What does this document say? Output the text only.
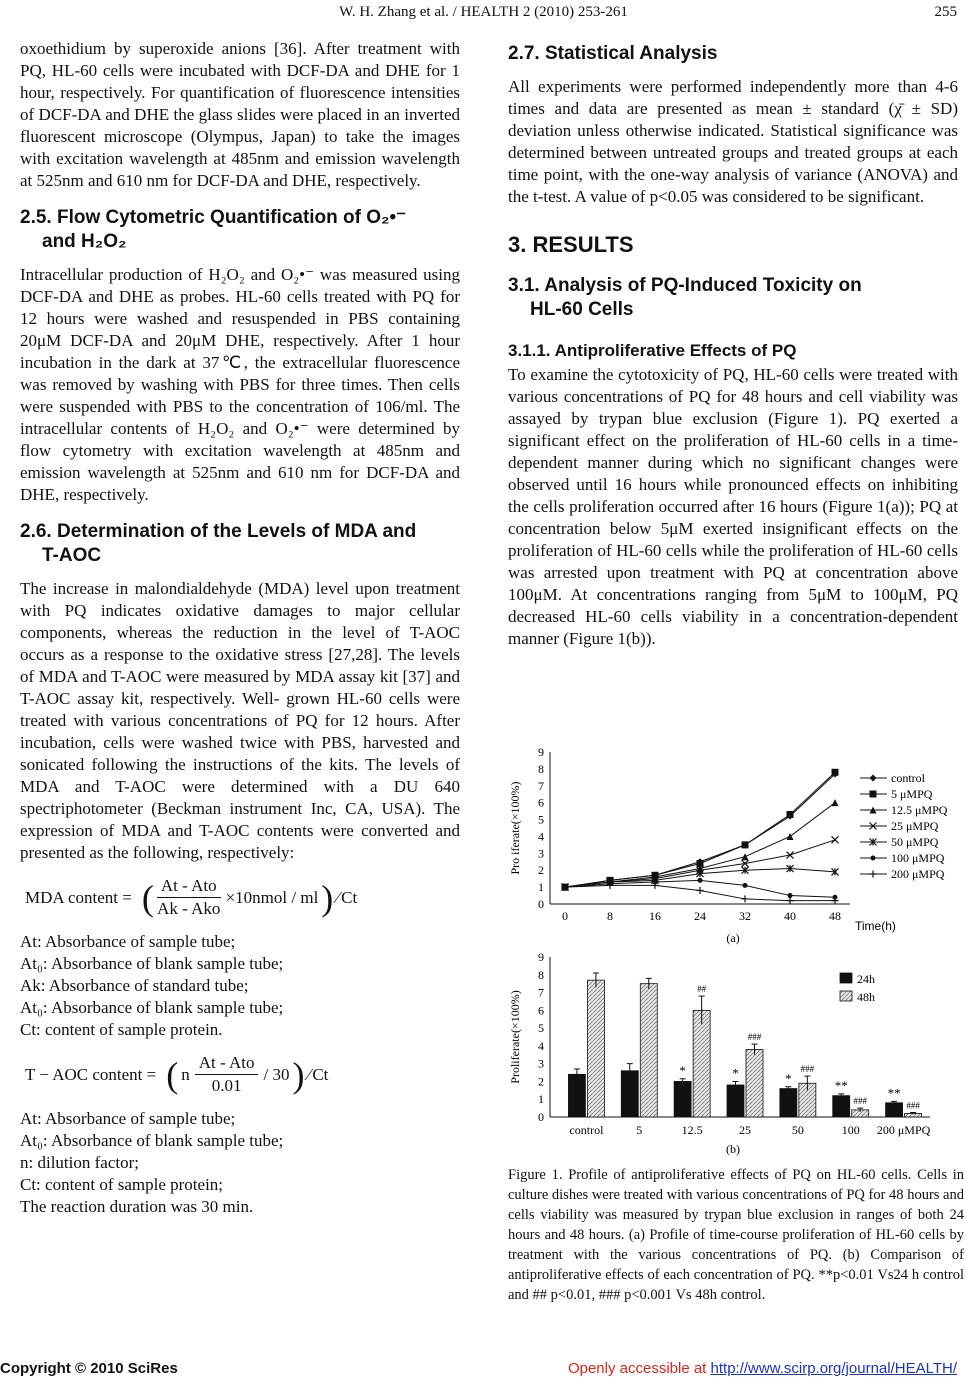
W. H. Zhang et al. / HEALTH 2 (2010) 253-261	255

oxoethidium by superoxide anions [36]. After treatment with PQ, HL-60 cells were incubated with DCF-DA and DHE for 1 hour, respectively. For quantification of fluorescence intensities of DCF-DA and DHE the glass slides were placed in an inverted fluorescent microscope (Olympus, Japan) to take the images with excitation wavelength at 485nm and emission wavelength at 525nm and 610 nm for DCF-DA and DHE, respectively.

2.5. Flow Cytometric Quantification of O₂•⁻
and H₂O₂

Intracellular production of H₂O₂ and O₂•⁻ was measured using DCF-DA and DHE as probes. HL-60 cells treated with PQ for 12 hours were washed and resuspended in PBS containing 20μM DCF-DA and 20μM DHE, respectively. After 1 hour incubation in the dark at 37℃, the extracellular fluorescence was removed by washing with PBS for three times. Then cells were suspended with PBS to the concentration of 106/ml. The intracellular contents of H₂O₂ and O₂•⁻ were determined by flow cytometry with excitation wavelength at 485nm and emission wavelength at 525nm and 610 nm for DCF-DA and DHE, respectively.

2.6. Determination of the Levels of MDA and
T-AOC

The increase in malondialdehyde (MDA) level upon treatment with PQ indicates oxidative damages to major cellular components, whereas the reduction in the level of T-AOC occurs as a response to the oxidative stress [27,28]. The levels of MDA and T-AOC were measured by MDA assay kit [37] and T-AOC assay kit, respectively. Well- grown HL-60 cells were treated with various concentrations of PQ for 12 hours. After incubation, cells were washed twice with PBS, harvested and sonicated following the instructions of the kits. The levels of MDA and T-AOC were determined with a DU 640 spectriphotometer (Beckman instrument Inc, CA, USA). The expression of MDA and T-AOC contents were converted and presented as the following, respectively:

MDA content =	(	At - Ato
Ak - Ako
	×10nmol / ml	)	⁄	Ct
At: Absorbance of sample tube;
At₀: Absorbance of blank sample tube;
Ak: Absorbance of standard tube;
At₀: Absorbance of blank sample tube;
Ct: content of sample protein.
T − AOC content =	(	n	
At - Ato
0.01
	/ 30	)	⁄	Ct
At: Absorbance of sample tube;
At₀: Absorbance of blank sample tube;
n: dilution factor;
Ct: content of sample protein;
The reaction duration was 30 min.
2.7. Statistical Analysis

All experiments were performed independently more than 4-6 times and data are presented as mean ± standard (χ̄ ± SD) deviation unless otherwise indicated. Statistical significance was determined between untreated groups and treated groups at each time point, with the one-way analysis of variance (ANOVA) and the t-test. A value of p<0.05 was considered to be significant.

3. RESULTS
3.1. Analysis of PQ-Induced Toxicity on
HL-60 Cells
3.1.1. Antiproliferative Effects of PQ

To examine the cytotoxicity of PQ, HL-60 cells were treated with various concentrations of PQ for 48 hours and cell viability was assayed by trypan blue exclusion (Figure 1). PQ exerted a significant effect on the proliferation of HL-60 cells in a time-dependent manner during which no significant changes were observed until 16 hours while pronounced effects on inhibiting the cells proliferation occurred after 16 hours (Figure 1(a)); PQ at concentration below 5μM exerted insignificant effects on the proliferation of HL-60 cells while the proliferation of HL-60 cells was arrested upon treatment with PQ at concentration above 100μM. At concentrations ranging from 5μM to 100μM, PQ decreased HL-60 cells viability in a concentration-dependent manner (Figure 1(b)).

0
1
2
3
4
5
6
7
8
9
0	8	16	24	32	40	48
Time(h)
Pro iferate(×100%)
control
5 μMPQ
12.5 μMPQ
25 μMPQ
50 μMPQ
100 μMPQ
200 μMPQ
(a)
0
1
2
3
4
5
6
7
8
9
Proliferate(×100%)
control	5
*
##
12.5
*
###
25
*
###
50
**
###
100
**
###
200 μMPQ
24h
48h
(b)
Figure 1. Profile of antiproliferative effects of PQ on HL-60 cells. Cells in culture dishes were treated with various concentrations of PQ for 48 hours and cells viability was measured by trypan blue exclusion in ranges of both 24 hours and 48 hours. (a) Profile of time-course proliferation of HL-60 cells by treatment with the various concentrations of PQ. (b) Comparison of antiproliferative effects of each concentration of PQ. **p<0.01 Vs24 h control and ## p<0.01, ### p<0.001 Vs 48h control.
Copyright © 2010 SciRes	Openly accessible at http://www.scirp.org/journal/HEALTH/
